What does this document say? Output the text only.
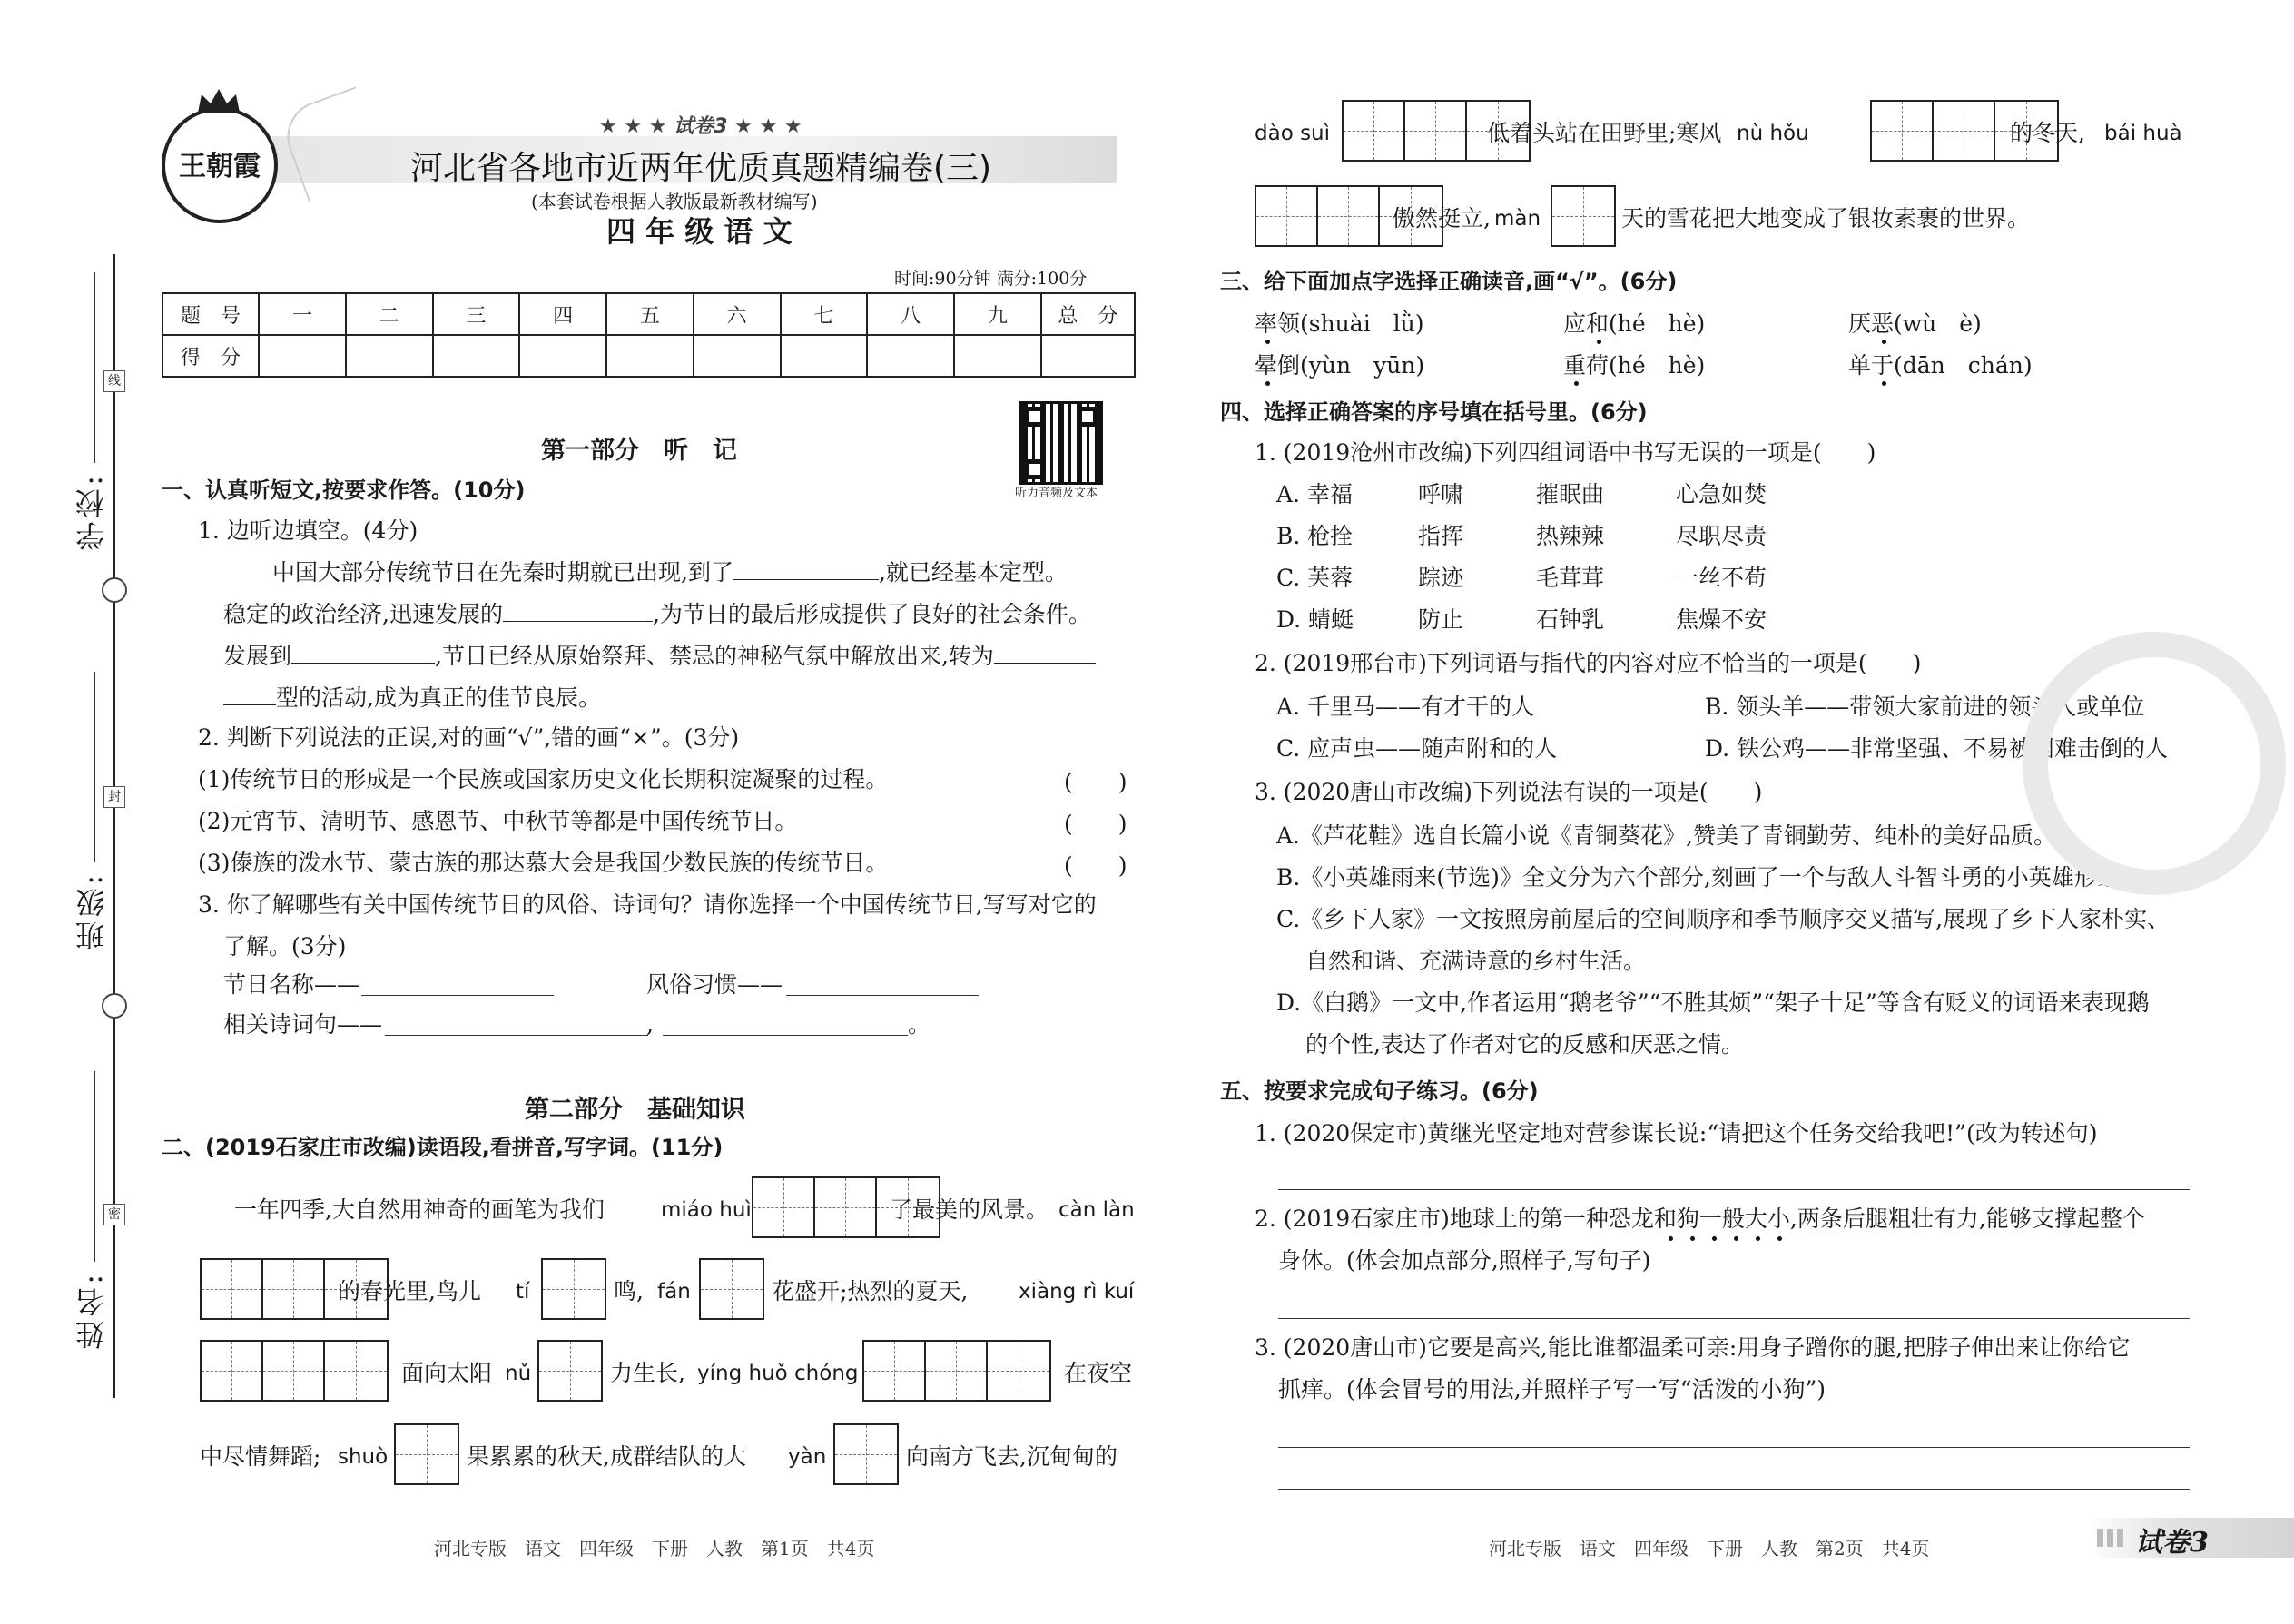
学校:
班级:
姓名:
线
封
密
王朝霞
★ ★ ★ 试卷3 ★ ★ ★
河北省各地市近两年优质真题精编卷(三)
(本套试卷根据人教版最新教材编写)
四 年 级 语 文
时间:90分钟 满分:100分
题　号	一	二	三	四	五	六	七	八	九	总　分
得　分										
听力音频及文本
第一部分　听　记
一、认真听短文,按要求作答。(10分)
1. 边听边填空。(4分)
中国大部分传统节日在先秦时期就已出现,到了	,就已经基本定型。
稳定的政治经济,迅速发展的	,为节日的最后形成提供了良好的社会条件。
发展到	,节日已经从原始祭拜、禁忌的神秘气氛中解放出来,转为
型的活动,成为真正的佳节良辰。
2. 判断下列说法的正误,对的画“√”,错的画“×”。(3分)
(1)传统节日的形成是一个民族或国家历史文化长期积淀凝聚的过程。	(　　)
(2)元宵节、清明节、感恩节、中秋节等都是中国传统节日。	(　　)
(3)傣族的泼水节、蒙古族的那达慕大会是我国少数民族的传统节日。	(　　)
3. 你了解哪些有关中国传统节日的风俗、诗词句？请你选择一个中国传统节日,写写对它的
了解。(3分)
节日名称——	风俗习惯——
相关诗词句——	,	。
第二部分　基础知识
二、(2019石家庄市改编)读语段,看拼音,写字词。(11分)
一年四季,大自然用神奇的画笔为我们	miáo huì	了最美的风景。 càn làn
的春光里,鸟儿 tí	鸣, fán	花盛开;热烈的夏天, xiàng rì kuí
面向太阳 nǔ	力生长, yíng huǒ chóng	在夜空
中尽情舞蹈; shuò	果累累的秋天,成群结队的大 yàn	向南方飞去,沉甸甸的
河北专版　语文　四年级　下册　人教　第1页　共4页
dào suì	低着头站在田野里;寒风 nù hǒu	的冬天, bái huà
傲然挺立, màn	天的雪花把大地变成了银妆素裹的世界。
三、给下面加点字选择正确读音,画“√”。(6分)
率领(shuài　lǜ)	应和(hé　hè)	厌恶(wù　è)
晕倒(yùn　yūn)	重荷(hé　hè)	单于(dān　chán)
四、选择正确答案的序号填在括号里。(6分)
1. (2019沧州市改编)下列四组词语中书写无误的一项是(　　)
A. 幸福	呼啸	摧眠曲	心急如焚
B. 枪拴	指挥	热辣辣	尽职尽责
C. 芙蓉	踪迹	毛茸茸	一丝不苟
D. 蜻蜓	防止	石钟乳	焦燥不安
2. (2019邢台市)下列词语与指代的内容对应不恰当的一项是(　　)
A. 千里马——有才干的人	B. 领头羊——带领大家前进的领头人或单位
C. 应声虫——随声附和的人	D. 铁公鸡——非常坚强、不易被困难击倒的人
3. (2020唐山市改编)下列说法有误的一项是(　　)
A.《芦花鞋》选自长篇小说《青铜葵花》,赞美了青铜勤劳、纯朴的美好品质。
B.《小英雄雨来(节选)》全文分为六个部分,刻画了一个与敌人斗智斗勇的小英雄形象。
C.《乡下人家》一文按照房前屋后的空间顺序和季节顺序交叉描写,展现了乡下人家朴实、
自然和谐、充满诗意的乡村生活。
D.《白鹅》一文中,作者运用“鹅老爷”“不胜其烦”“架子十足”等含有贬义的词语来表现鹅
的个性,表达了作者对它的反感和厌恶之情。
五、按要求完成句子练习。(6分)
1. (2020保定市)黄继光坚定地对营参谋长说:“请把这个任务交给我吧!”(改为转述句)
2. (2019石家庄市)地球上的第一种恐龙和狗一般大小,两条后腿粗壮有力,能够支撑起整个
身体。(体会加点部分,照样子,写句子)
3. (2020唐山市)它要是高兴,能比谁都温柔可亲:用身子蹭你的腿,把脖子伸出来让你给它
抓痒。(体会冒号的用法,并照样子写一写“活泼的小狗”)
河北专版　语文　四年级　下册　人教　第2页　共4页	试卷3
